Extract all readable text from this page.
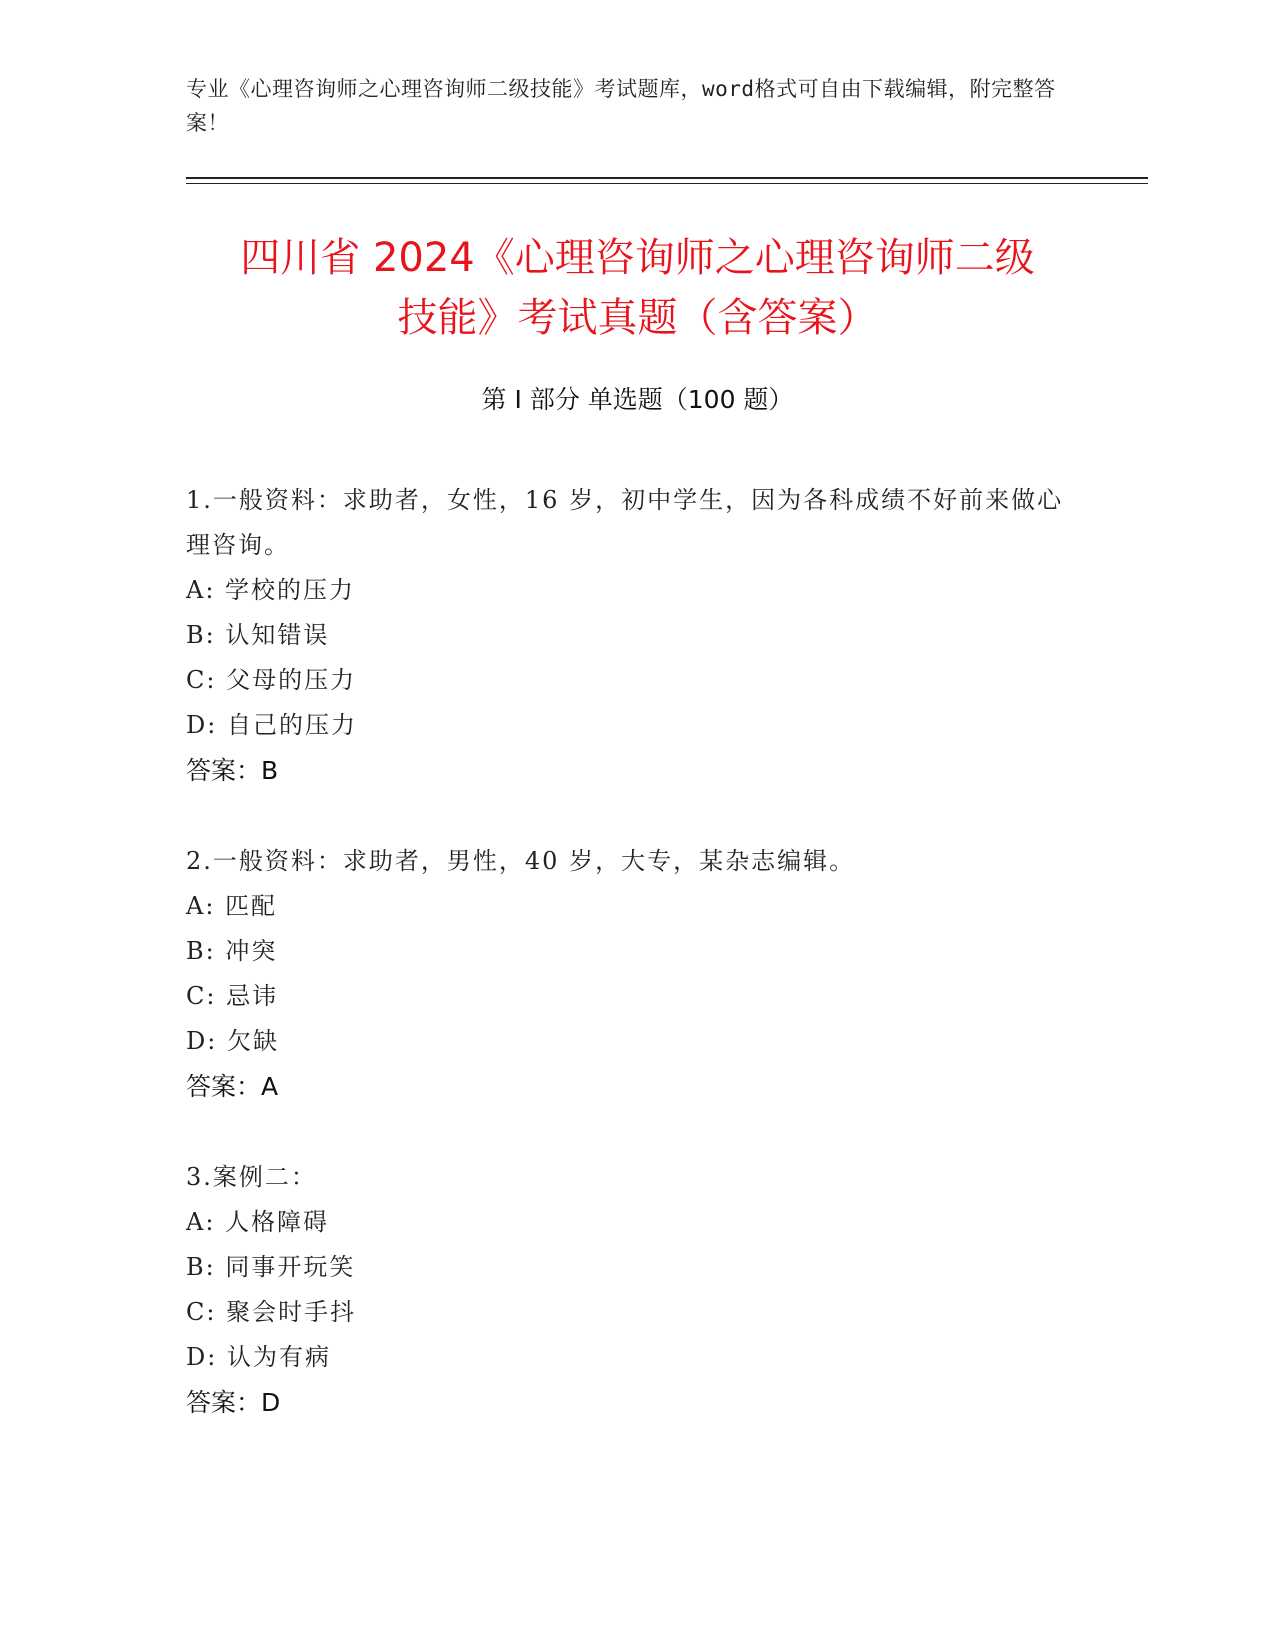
专业《心理咨询师之心理咨询师二级技能》考试题库，word格式可自由下载编辑，附完整答案！
四川省 2024《心理咨询师之心理咨询师二级
技能》考试真题（含答案）
第 I 部分 单选题（100 题）
1.一般资料：求助者，女性，16 岁，初中学生，因为各科成绩不好前来做心理咨询。
A: 学校的压力
B: 认知错误
C: 父母的压力
D: 自己的压力
答案：B
2.一般资料：求助者，男性，40 岁，大专，某杂志编辑。
A: 匹配
B: 冲突
C: 忌讳
D: 欠缺
答案：A
3.案例二：
A: 人格障碍
B: 同事开玩笑
C: 聚会时手抖
D: 认为有病
答案：D
